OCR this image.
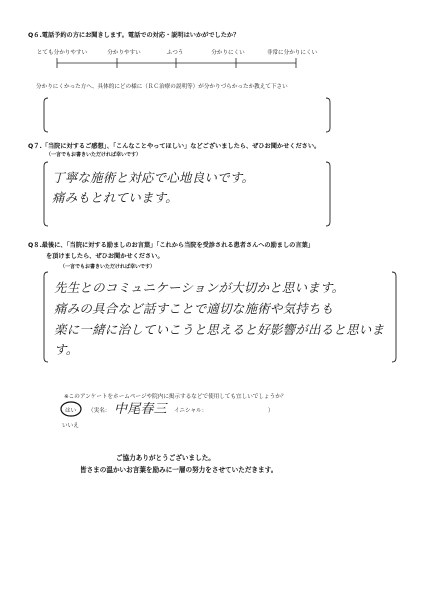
Q６.電話予約の方にお聞きします。電話での対応・説明はいかがでしたか？
とても分かりやすい	分かりやすい	ふつう	分かりにくい	非常に分かりにくい
分かりにくかった方へ、具体的にどの様に（ＲＣ治療の説明等）が分かりづらかったか教えて下さい
Q７.「当院に対するご感想」、「こんなことやってほしい」などございましたら、ぜひお聞かせください。
（一言でもお書きいただければ幸いです）
丁寧な施術と対応で心地良いです。
痛みもとれています。
Q８.最後に、「当院に対する励ましのお言葉」「これから当院を受診される患者さんへの励ましの言葉」
を頂けましたら、ぜひお聞かせください。
（一言でもお書きいただければ幸いです）
先生とのコミュニケーションが大切かと思います。
痛みの具合など話すことで適切な施術や気持ちも
楽に一緒に治していこうと思えると好影響が出ると思いま
す。
※このアンケートをホームページや院内に掲示するなどで使用しても宜しいでしょうか？
はい
いいえ
（実名： 中尾春三 イニシャル：	）
ご協力ありがとうございました。
皆さまの温かいお言葉を励みに一層の努力をさせていただきます。
